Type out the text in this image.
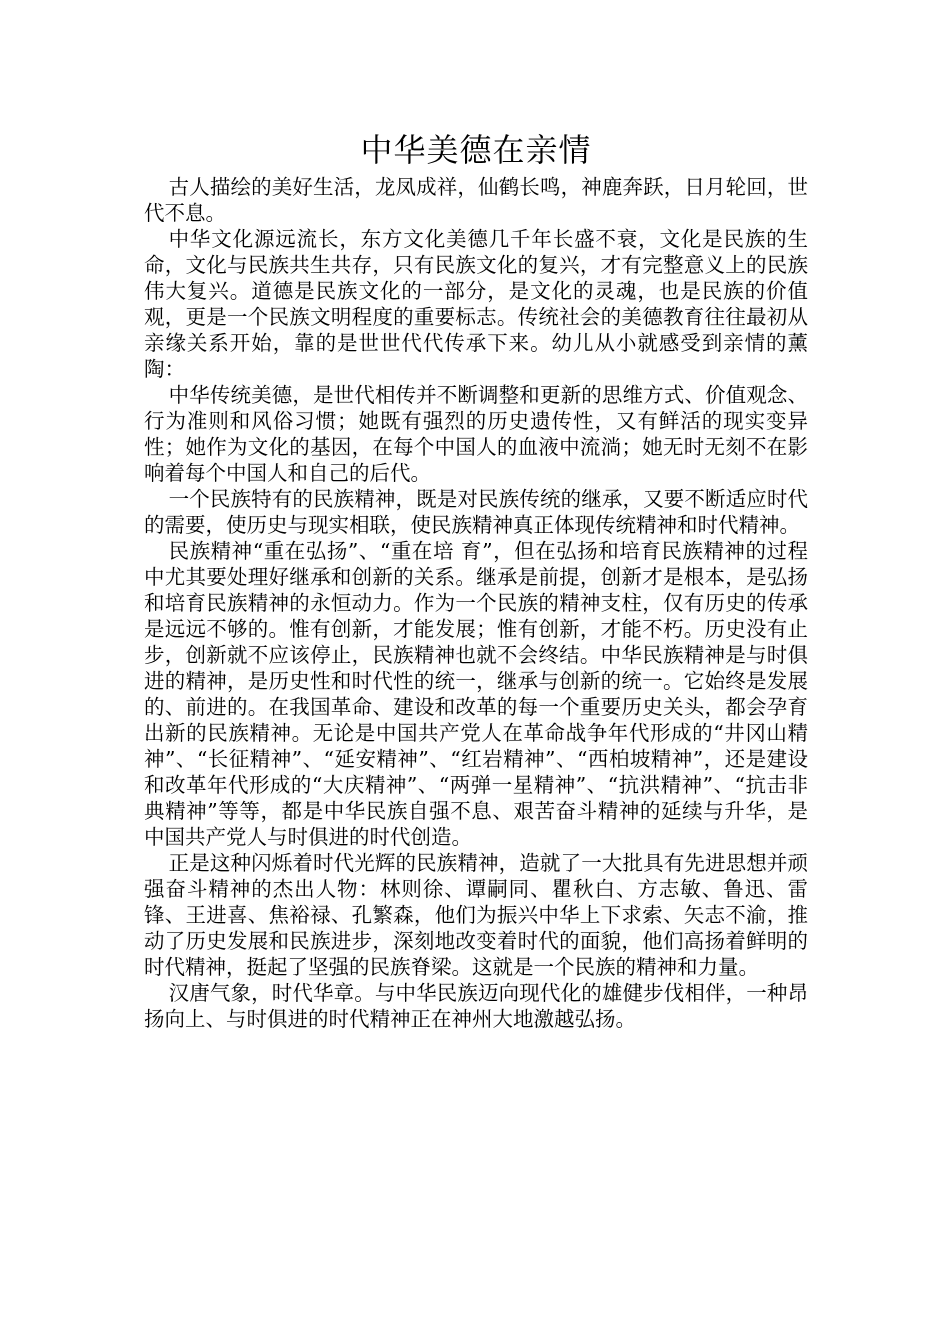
中华美德在亲情

古人描绘的美好生活，龙凤成祥，仙鹤长鸣，神鹿奔跃，日月轮回，世代不息。

中华文化源远流长，东方文化美德几千年长盛不衰，文化是民族的生命，文化与民族共生共存，只有民族文化的复兴，才有完整意义上的民族伟大复兴。道德是民族文化的一部分，是文化的灵魂，也是民族的价值观，更是一个民族文明程度的重要标志。传统社会的美德教育往往最初从亲缘关系开始，靠的是世世代代传承下来。幼儿从小就感受到亲情的薰陶：

中华传统美德，是世代相传并不断调整和更新的思维方式、价值观念、行为准则和风俗习惯；她既有强烈的历史遗传性，又有鲜活的现实变异性；她作为文化的基因，在每个中国人的血液中流淌；她无时无刻不在影响着每个中国人和自己的后代。

一个民族特有的民族精神，既是对民族传统的继承，又要不断适应时代的需要，使历史与现实相联，使民族精神真正体现传统精神和时代精神。

民族精神“重在弘扬”、“重在培 育”，但在弘扬和培育民族精神的过程中尤其要处理好继承和创新的关系。继承是前提，创新才是根本，是弘扬和培育民族精神的永恒动力。作为一个民族的精神支柱，仅有历史的传承是远远不够的。惟有创新，才能发展；惟有创新，才能不朽。历史没有止步，创新就不应该停止，民族精神也就不会终结。中华民族精神是与时俱进的精神，是历史性和时代性的统一，继承与创新的统一。它始终是发展的、前进的。在我国革命、建设和改革的每一个重要历史关头，都会孕育出新的民族精神。无论是中国共产党人在革命战争年代形成的“井冈山精神”、“长征精神”、“延安精神”、“红岩精神”、“西柏坡精神”，还是建设和改革年代形成的“大庆精神”、“两弹一星精神”、“抗洪精神”、“抗击非典精神”等等，都是中华民族自强不息、艰苦奋斗精神的延续与升华，是中国共产党人与时俱进的时代创造。

正是这种闪烁着时代光辉的民族精神，造就了一大批具有先进思想并顽强奋斗精神的杰出人物：林则徐、谭嗣同、瞿秋白、方志敏、鲁迅、雷锋、王进喜、焦裕禄、孔繁森，他们为振兴中华上下求索、矢志不渝，推动了历史发展和民族进步，深刻地改变着时代的面貌，他们高扬着鲜明的时代精神，挺起了坚强的民族脊梁。这就是一个民族的精神和力量。

汉唐气象，时代华章。与中华民族迈向现代化的雄健步伐相伴，一种昂扬向上、与时俱进的时代精神正在神州大地激越弘扬。
